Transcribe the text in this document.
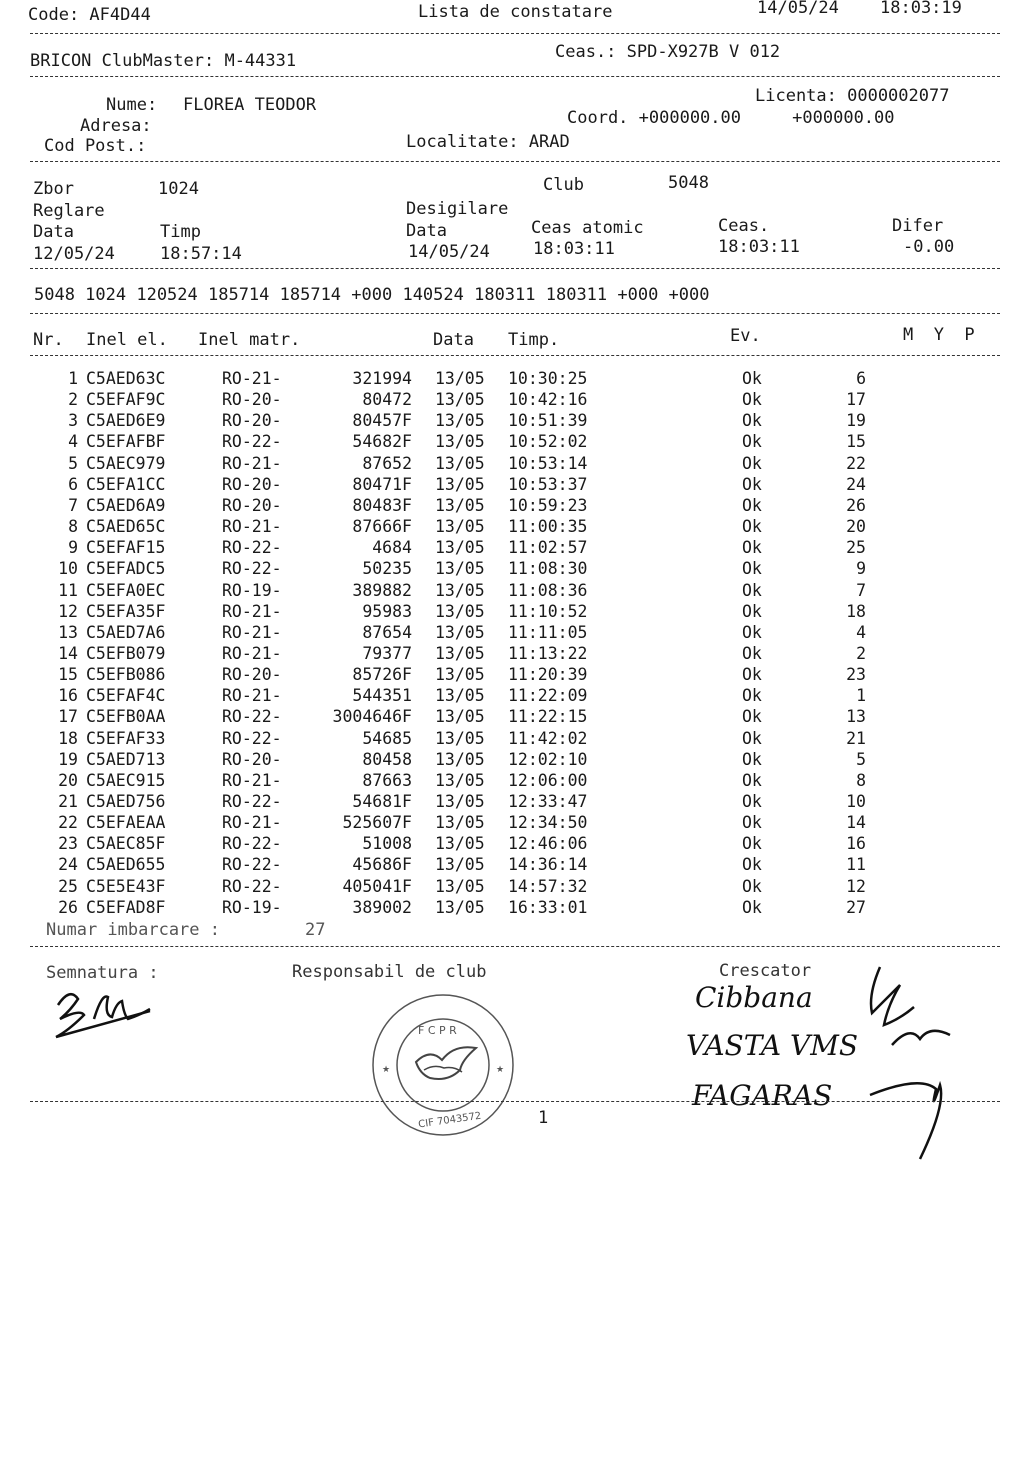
Code: AF4D44	Lista de constatare	14/05/24 18:03:19
BRICON ClubMaster: M-44331	Ceas.: SPD-X927B V 012
Nume: FLOREA TEODOR	Licenta: 0000002077
Adresa:	Coord. +000000.00     +000000.00
Cod Post.:	Localitate: ARAD
Zbor	1024	Club	5048
Reglare	Desigilare
Data	Timp	Data	Ceas atomic	Ceas.	Difer
12/05/24	18:57:14	14/05/24	18:03:11	18:03:11	-0.00
5048 1024 120524 185714 185714 +000 140524 180311 180311 +000 +000
Nr. Inel el. Inel matr.	Data Timp.	Ev.	M  Y  P
1 C5AED63C	RO-21-	321994 13/05 10:30:25	Ok	6
2 C5EFAF9C	RO-20-	80472 13/05 10:42:16	Ok	17
3 C5AED6E9	RO-20-	80457F 13/05 10:51:39	Ok	19
4 C5EFAFBF	RO-22-	54682F 13/05 10:52:02	Ok	15
5 C5AEC979	RO-21-	87652 13/05 10:53:14	Ok	22
6 C5EFA1CC	RO-20-	80471F 13/05 10:53:37	Ok	24
7 C5AED6A9	RO-20-	80483F 13/05 10:59:23	Ok	26
8 C5AED65C	RO-21-	87666F 13/05 11:00:35	Ok	20
9 C5EFAF15	RO-22-	4684 13/05 11:02:57	Ok	25
10 C5EFADC5	RO-22-	50235 13/05 11:08:30	Ok	9
11 C5EFA0EC	RO-19-	389882 13/05 11:08:36	Ok	7
12 C5EFA35F	RO-21-	95983 13/05 11:10:52	Ok	18
13 C5AED7A6	RO-21-	87654 13/05 11:11:05	Ok	4
14 C5EFB079	RO-21-	79377 13/05 11:13:22	Ok	2
15 C5EFB086	RO-20-	85726F 13/05 11:20:39	Ok	23
16 C5EFAF4C	RO-21-	544351 13/05 11:22:09	Ok	1
17 C5EFB0AA	RO-22-	3004646F 13/05 11:22:15	Ok	13
18 C5EFAF33	RO-22-	54685 13/05 11:42:02	Ok	21
19 C5AED713	RO-20-	80458 13/05 12:02:10	Ok	5
20 C5AEC915	RO-21-	87663 13/05 12:06:00	Ok	8
21 C5AED756	RO-22-	54681F 13/05 12:33:47	Ok	10
22 C5EFAEAA	RO-21-	525607F 13/05 12:34:50	Ok	14
23 C5AEC85F	RO-22-	51008 13/05 12:46:06	Ok	16
24 C5AED655	RO-22-	45686F 13/05 14:36:14	Ok	11
25 C5E5E43F	RO-22-	405041F 13/05 14:57:32	Ok	12
26 C5EFAD8F	RO-19-	389002 13/05 16:33:01	Ok	27
Numar imbarcare :	27
Semnatura :	Responsabil de club	Crescator
F C P R
CIF 7043572
★	★
Cibbana
VASTA VMS
FAGARAS
1
